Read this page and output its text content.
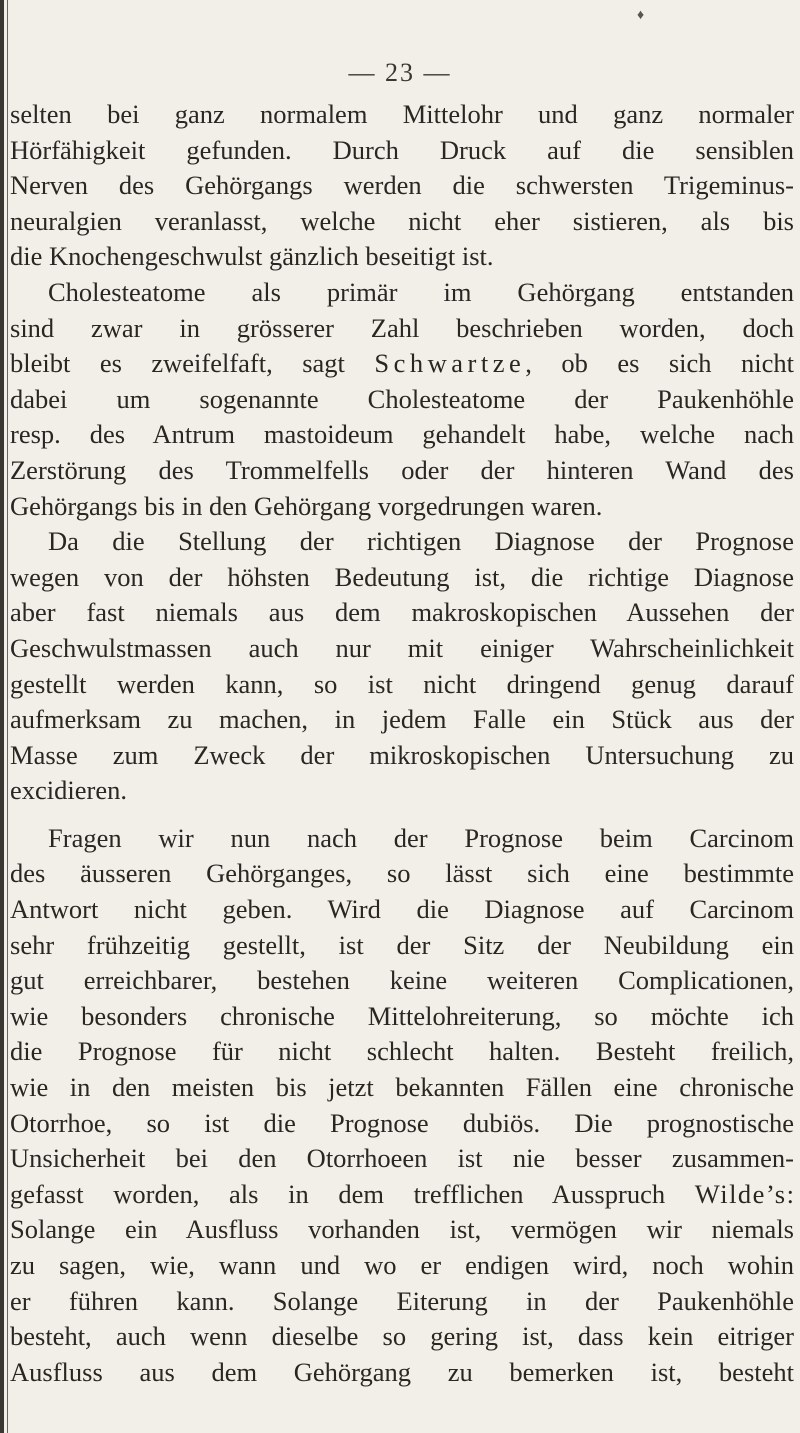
♦
— 23 —
selten bei ganz normalem Mittelohr und ganz normaler
Hörfähigkeit gefunden. Durch Druck auf die sensiblen
Nerven des Gehörgangs werden die schwersten Trigeminus-
neuralgien veranlasst, welche nicht eher sistieren, als bis
die Knochengeschwulst gänzlich beseitigt ist.
Cholesteatome als primär im Gehörgang entstanden
sind zwar in grösserer Zahl beschrieben worden, doch
bleibt es zweifelfaft, sagt Schwartze, ob es sich nicht
dabei um sogenannte Cholesteatome der Paukenhöhle
resp. des Antrum mastoideum gehandelt habe, welche nach
Zerstörung des Trommelfells oder der hinteren Wand des
Gehörgangs bis in den Gehörgang vorgedrungen waren.
Da die Stellung der richtigen Diagnose der Prognose
wegen von der höhsten Bedeutung ist, die richtige Diagnose
aber fast niemals aus dem makroskopischen Aussehen der
Geschwulstmassen auch nur mit einiger Wahrscheinlichkeit
gestellt werden kann, so ist nicht dringend genug darauf
aufmerksam zu machen, in jedem Falle ein Stück aus der
Masse zum Zweck der mikroskopischen Untersuchung zu
excidieren.
Fragen wir nun nach der Prognose beim Carcinom
des äusseren Gehörganges, so lässt sich eine bestimmte
Antwort nicht geben. Wird die Diagnose auf Carcinom
sehr frühzeitig gestellt, ist der Sitz der Neubildung ein
gut erreichbarer, bestehen keine weiteren Complicationen,
wie besonders chronische Mittelohreiterung, so möchte ich
die Prognose für nicht schlecht halten. Besteht freilich,
wie in den meisten bis jetzt bekannten Fällen eine chronische
Otorrhoe, so ist die Prognose dubiös. Die prognostische
Unsicherheit bei den Otorrhoeen ist nie besser zusammen-
gefasst worden, als in dem trefflichen Ausspruch Wilde’s:
Solange ein Ausfluss vorhanden ist, vermögen wir niemals
zu sagen, wie, wann und wo er endigen wird, noch wohin
er führen kann. Solange Eiterung in der Paukenhöhle
besteht, auch wenn dieselbe so gering ist, dass kein eitriger
Ausfluss aus dem Gehörgang zu bemerken ist, besteht
